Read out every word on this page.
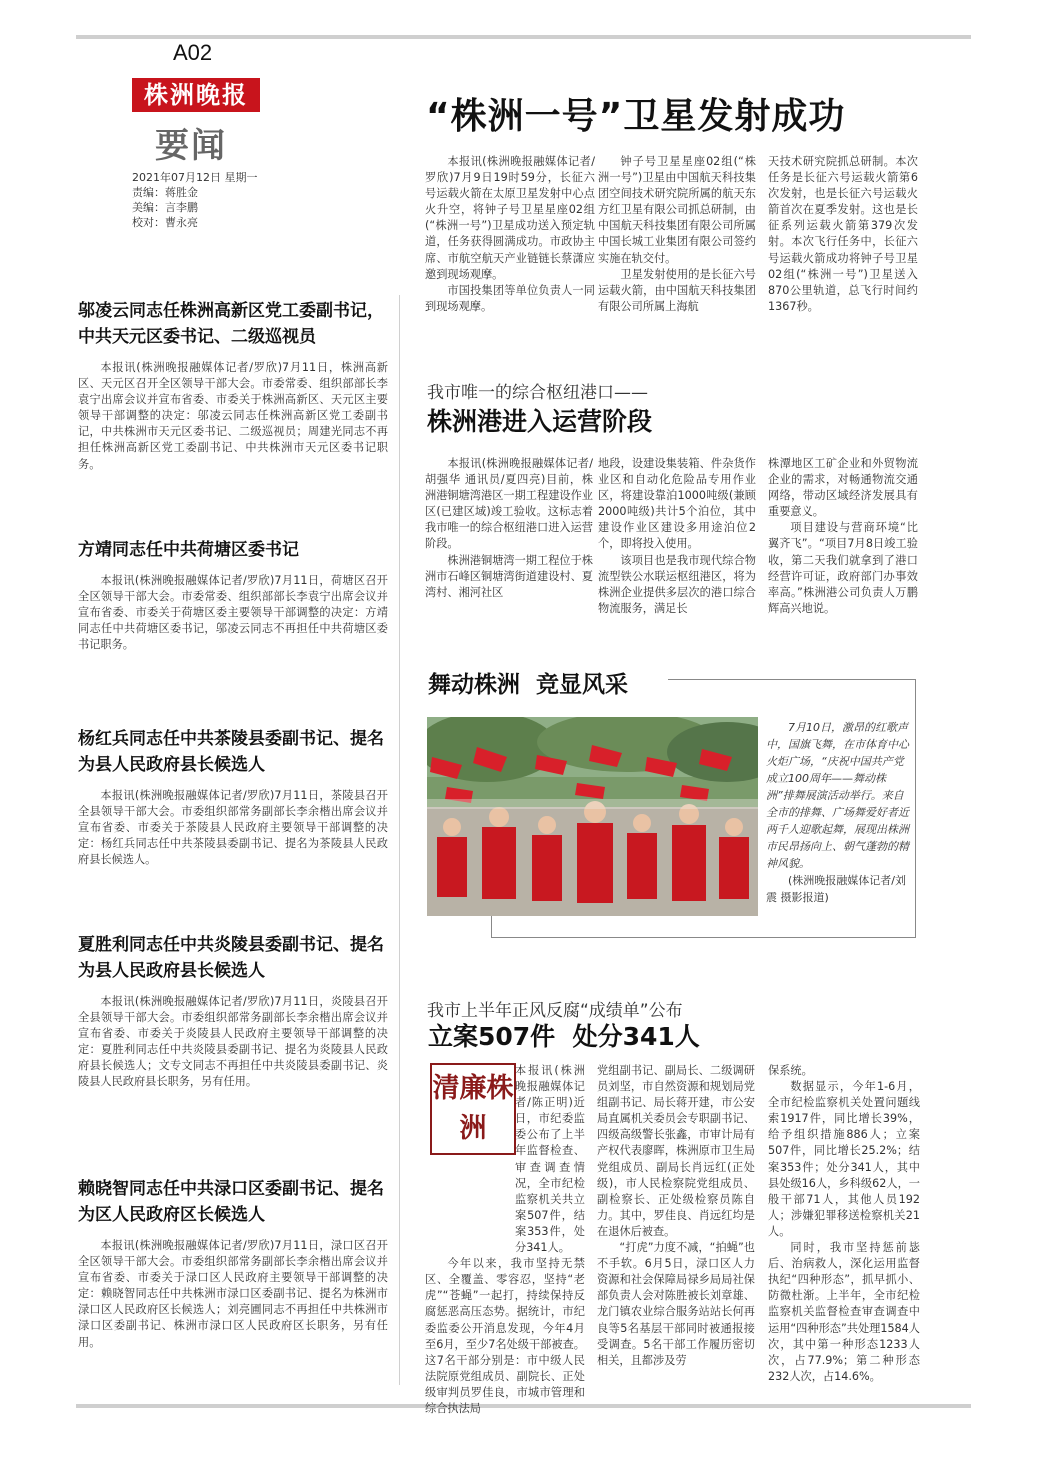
A02
株洲晚报
要闻
2021年07月12日 星期一
责编：蒋胜金
美编：言李鹏
校对：曹永亮
“株洲一号”卫星发射成功
本报讯(株洲晚报融媒体记者/罗欣)7月9日19时59分，长征六号运载火箭在太原卫星发射中心点火升空，将钟子号卫星星座02组(“株洲一号”)卫星成功送入预定轨道，任务获得圆满成功。市政协主席、市航空航天产业链链长蔡潇应邀到现场观摩。
市国投集团等单位负责人一同到现场观摩。
钟子号卫星星座02组(“株洲一号”)卫星由中国航天科技集团空间技术研究院所属的航天东方红卫星有限公司抓总研制，由中国航天科技集团有限公司所属中国长城工业集团有限公司签约实施在轨交付。
卫星发射使用的是长征六号运载火箭，由中国航天科技集团有限公司所属上海航
天技术研究院抓总研制。本次任务是长征六号运载火箭第6次发射，也是长征六号运载火箭首次在夏季发射。这也是长征系列运载火箭第379次发射。本次飞行任务中，长征六号运载火箭成功将钟子号卫星02组(“株洲一号”)卫星送入870公里轨道，总飞行时间约1367秒。
我市唯一的综合枢纽港口——
株洲港进入运营阶段
本报讯(株洲晚报融媒体记者/胡强华 通讯员/夏四亮)目前，株洲港铜塘湾港区一期工程建设作业区(已建区域)竣工验收。这标志着我市唯一的综合枢纽港口进入运营阶段。
株洲港铜塘湾一期工程位于株洲市石峰区铜塘湾街道建设村、夏湾村、湘河社区
地段，设建设集装箱、件杂货作业区和自动化危险品专用作业区，将建设靠泊1000吨级(兼顾2000吨级)共计5个泊位，其中建设作业区建设多用途泊位2个，即将投入使用。
该项目也是我市现代综合物流型铁公水联运枢纽港区，将为株洲企业提供多层次的港口综合物流服务，满足长
株潭地区工矿企业和外贸物流企业的需求，对畅通物流交通网络，带动区域经济发展具有重要意义。
项目建设与营商环境“比翼齐飞”。“项目7月8日竣工验收，第二天我们就拿到了港口经营许可证，政府部门办事效率高。”株洲港公司负责人万鹏辉高兴地说。
舞动株洲  竞显风采
7月10日，激昂的红歌声中，国旗飞舞，在市体育中心火炬广场，“庆祝中国共产党成立100周年——舞动株洲”排舞展演活动举行。来自全市的排舞、广场舞爱好者近两千人迎歌起舞，展现出株洲市民昂扬向上、朝气蓬勃的精神风貌。
(株洲晚报融媒体记者/刘震 摄影报道)
我市上半年正风反腐“成绩单”公布
立案507件  处分341人
清廉株洲
本报讯(株洲晚报融媒体记者/陈正明)近日，市纪委监委公布了上半年监督检查、审查调查情况，全市纪检监察机关共立案507件，结案353件，处分341人。
今年以来，我市坚持无禁区、全覆盖、零容忍，坚持“老虎”“苍蝇”一起打，持续保持反腐惩恶高压态势。据统计，市纪委监委公开消息发现，今年4月至6月，至少7名处级干部被查。这7名干部分别是：市中级人民法院原党组成员、副院长、正处级审判员罗佳良，市城市管理和综合执法局
党组副书记、副局长、二级调研员刘坚，市自然资源和规划局党组副书记、局长蒋开建，市公安局直属机关委员会专职副书记、四级高级警长张鑫，市审计局有产权代表廖晖，株洲原市卫生局党组成员、副局长肖远红(正处级)，市人民检察院党组成员、副检察长、正处级检察员陈自力。其中，罗佳良、肖远红均是在退休后被查。
“打虎”力度不减，“拍蝇”也不手软。6月5日，渌口区人力资源和社会保障局禄乡局局社保部负责人会对陈胜被长刘章雄、龙门镇农业综合服务站站长何再良等5名基层干部同时被通报接受调查。5名干部工作履历密切相关，且都涉及劳
保系统。
数据显示，今年1-6月，全市纪检监察机关处置问题线索1917件，同比增长39%，给予组织措施886人；立案507件，同比增长25.2%；结案353件；处分341人，其中县处级16人，乡科级62人，一般干部71人，其他人员192人；涉嫌犯罪移送检察机关21人。
同时，我市坚持惩前毖后、治病救人，深化运用监督执纪“四种形态”，抓早抓小、防微杜渐。上半年，全市纪检监察机关监督检查审查调查中运用“四种形态”共处理1584人次，其中第一种形态1233人次，占77.9%；第二种形态232人次，占14.6%。
邬凌云同志任株洲高新区党工委副书记，中共天元区委书记、二级巡视员
本报讯(株洲晚报融媒体记者/罗欣)7月11日，株洲高新区、天元区召开全区领导干部大会。市委常委、组织部部长李袁宁出席会议并宣布省委、市委关于株洲高新区、天元区主要领导干部调整的决定：邬凌云同志任株洲高新区党工委副书记，中共株洲市天元区委书记、二级巡视员；周建光同志不再担任株洲高新区党工委副书记、中共株洲市天元区委书记职务。
方靖同志任中共荷塘区委书记
本报讯(株洲晚报融媒体记者/罗欣)7月11日，荷塘区召开全区领导干部大会。市委常委、组织部部长李袁宁出席会议并宣布省委、市委关于荷塘区委主要领导干部调整的决定：方靖同志任中共荷塘区委书记，邬凌云同志不再担任中共荷塘区委书记职务。
杨红兵同志任中共茶陵县委副书记、提名为县人民政府县长候选人
本报讯(株洲晚报融媒体记者/罗欣)7月11日，茶陵县召开全县领导干部大会。市委组织部常务副部长李余楷出席会议并宣布省委、市委关于茶陵县人民政府主要领导干部调整的决定：杨红兵同志任中共茶陵县委副书记、提名为茶陵县人民政府县长候选人。
夏胜利同志任中共炎陵县委副书记、提名为县人民政府县长候选人
本报讯(株洲晚报融媒体记者/罗欣)7月11日，炎陵县召开全县领导干部大会。市委组织部常务副部长李余楷出席会议并宣布省委、市委关于炎陵县人民政府主要领导干部调整的决定：夏胜利同志任中共炎陵县委副书记、提名为炎陵县人民政府县长候选人；文专文同志不再担任中共炎陵县委副书记、炎陵县人民政府县长职务，另有任用。
赖晓智同志任中共渌口区委副书记、提名为区人民政府区长候选人
本报讯(株洲晚报融媒体记者/罗欣)7月11日，渌口区召开全区领导干部大会。市委组织部常务副部长李余楷出席会议并宣布省委、市委关于渌口区人民政府主要领导干部调整的决定：赖晓智同志任中共株洲市渌口区委副书记、提名为株洲市渌口区人民政府区长候选人；刘亮圃同志不再担任中共株洲市渌口区委副书记、株洲市渌口区人民政府区长职务，另有任用。
